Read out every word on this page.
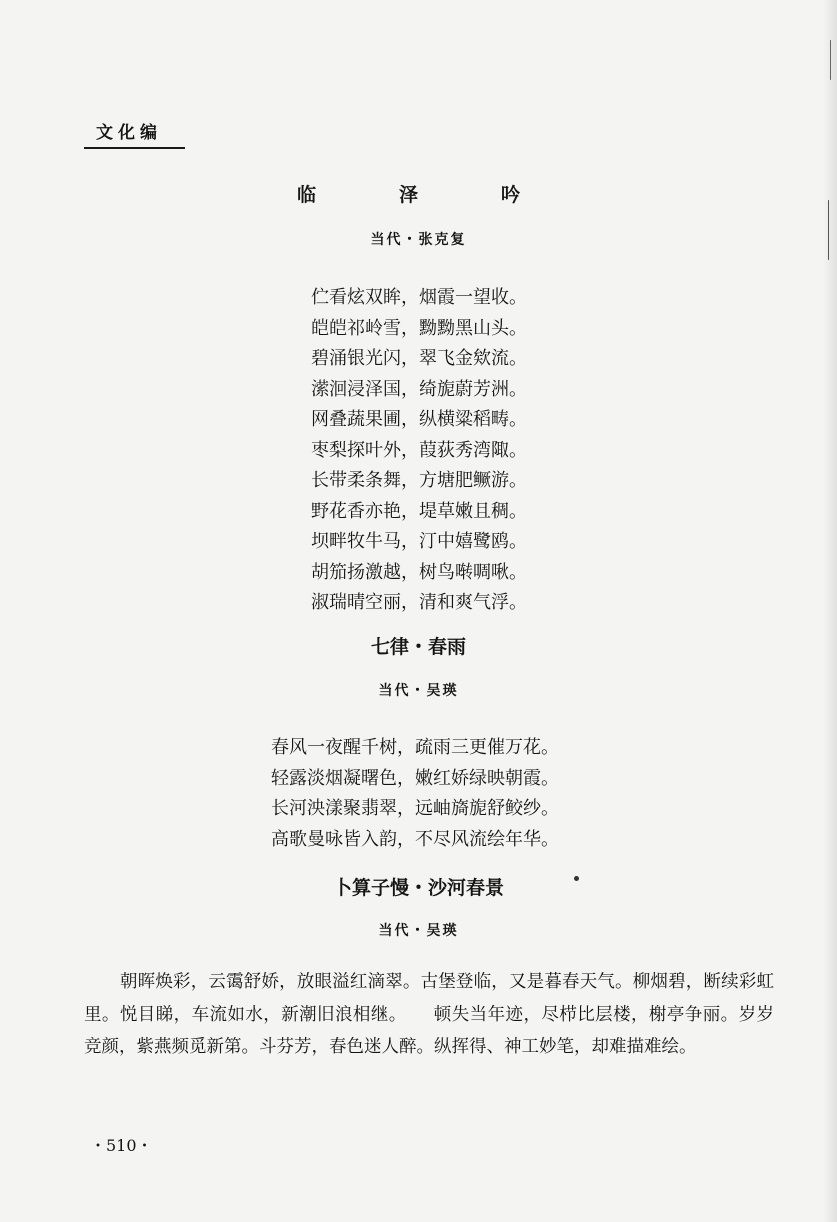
文化编
临　泽　吟
当代・张克复
伫看炫双眸，烟霞一望收。
皑皑祁岭雪，黝黝黑山头。
碧涌银光闪，翠飞金欸流。
潆洄浸泽国，绮旎蔚芳洲。
网叠蔬果圃，纵横粱稻畴。
枣梨探叶外，葭荻秀湾陬。
长带柔条舞，方塘肥鳜游。
野花香亦艳，堤草嫩且稠。
坝畔牧牛马，汀中嬉鹭鸥。
胡笳扬激越，树鸟啭啁啾。
淑瑞晴空丽，清和爽气浮。
七律・春雨
当代・吴瑛
春风一夜醒千树，疏雨三更催万花。
轻露淡烟凝曙色，嫩红娇绿映朝霞。
长河泱漾聚翡翠，远岫旖旎舒鲛纱。
高歌曼咏皆入韵，不尽风流绘年华。
卜算子慢・沙河春景
当代・吴瑛
朝晖焕彩，云霭舒娇，放眼溢红滴翠。古堡登临，又是暮春天气。柳烟碧，断续彩虹里。悦目睇，车流如水，新潮旧浪相继。　　顿失当年迹，尽栉比层楼，榭亭争丽。岁岁竞颜，紫燕频觅新第。斗芬芳，春色迷人醉。纵挥得、神工妙笔，却难描难绘。
・510・
